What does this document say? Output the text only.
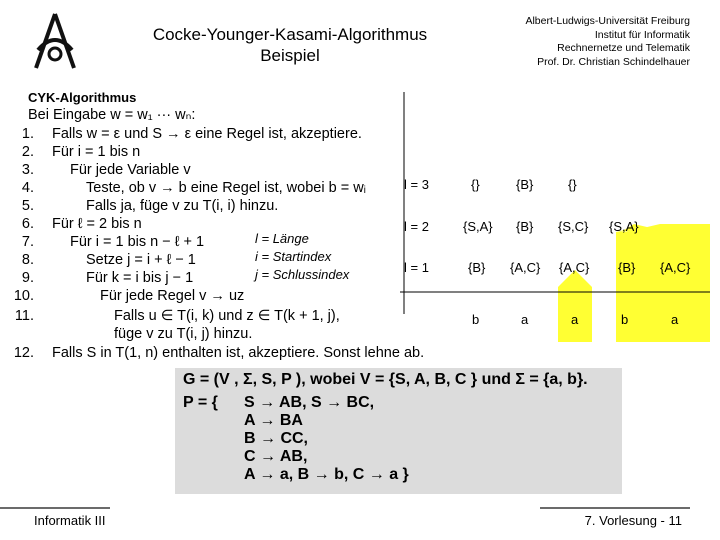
Cocke-Younger-Kasami-Algorithmus
Beispiel
Albert-Ludwigs-Universität Freiburg
Institut für Informatik
Rechnernetze und Telematik
Prof. Dr. Christian Schindelhauer
CYK-Algorithmus
Bei Eingabe w = w₁ ··· wₙ:
1. Falls w = ε und S → ε eine Regel ist, akzeptiere.
2. Für i = 1 bis n
3. Für jede Variable v
4.	Teste, ob v → b eine Regel ist, wobei b = wᵢ
5.	Falls ja, füge v zu T(i, i) hinzu.
6. Für ℓ = 2 bis n
7. Für i = 1 bis n − ℓ + 1
8.	Setze j = i + ℓ − 1
9.	Für k = i bis j − 1
10.	Für jede Regel v → uz
11.	Falls u ∈ T(i, k) und z ∈ T(k + 1, j),
füge v zu T(i, j) hinzu.
12. Falls S in T(1, n) enthalten ist, akzeptiere. Sonst lehne ab.
l = Länge
i = Startindex
j = Schlussindex
l = 3
l = 2
l = 1
{}	{B}	{}
{S,A} {B} {S,C} {S,A}
{B} {A,C} {A,C} {B} {A,C}
b	a	a	b	a
G = (V , Σ, S, P ), wobei V = {S, A, B, C } und Σ = {a, b}.
P = { S → AB, S → BC,
A → BA
B → CC,
C → AB,
A → a, B → b, C → a }
Informatik III	7. Vorlesung - 11
